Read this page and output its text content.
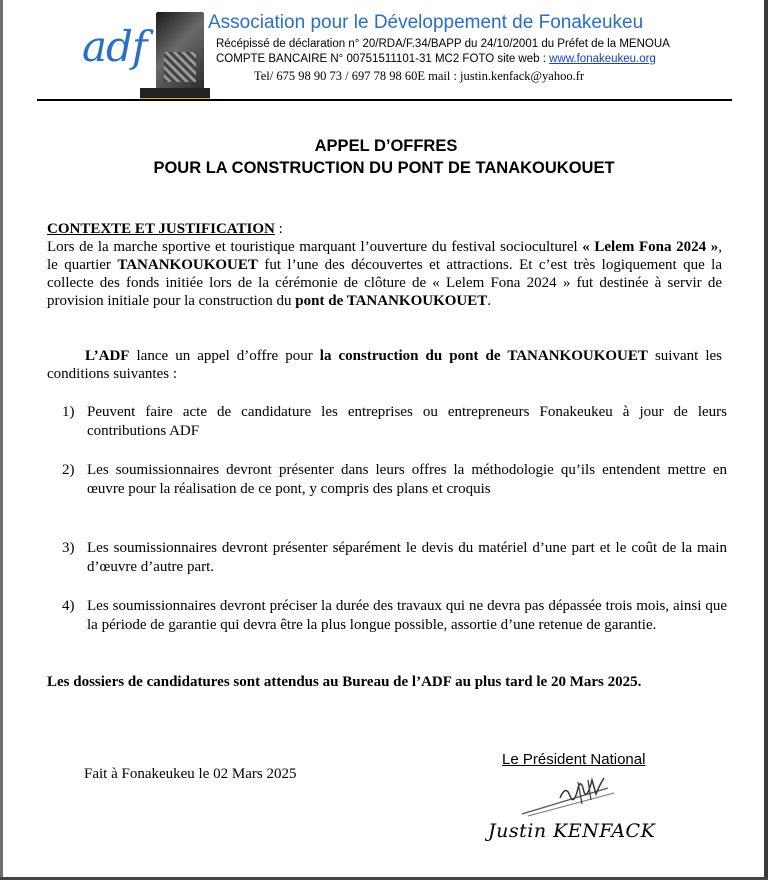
adf	Association pour le Développement de Fonakeukeu
Récépissé de déclaration n° 20/RDA/F.34/BAPP du 24/10/2001 du Préfet de la MENOUA
COMPTE BANCAIRE N° 00751511101-31 MC2 FOTO site web : www.fonakeukeu.org
Tel/ 675 98 90 73 / 697 78 98 60E mail : justin.kenfack@yahoo.fr
APPEL D’OFFRES
POUR LA CONSTRUCTION DU PONT DE TANAKOUKOUET
CONTEXTE ET JUSTIFICATION :
Lors de la marche sportive et touristique marquant l’ouverture du festival socioculturel « Lelem Fona 2024 », le quartier TANANKOUKOUET fut l’une des découvertes et attractions. Et c’est très logiquement que la collecte des fonds initiée lors de la cérémonie de clôture de « Lelem Fona 2024 » fut destinée à servir de provision initiale pour la construction du pont de TANANKOUKOUET.
L’ADF lance un appel d’offre pour la construction du pont de TANANKOUKOUET suivant les conditions suivantes :
1) Peuvent faire acte de candidature les entreprises ou entrepreneurs Fonakeukeu à jour de leurs contributions ADF
2) Les soumissionnaires devront présenter dans leurs offres la méthodologie qu’ils entendent mettre en œuvre pour la réalisation de ce pont, y compris des plans et croquis
3) Les soumissionnaires devront présenter séparément le devis du matériel d’une part et le coût de la main d’œuvre d’autre part.
4) Les soumissionnaires devront préciser la durée des travaux qui ne devra pas dépassée trois mois, ainsi que la période de garantie qui devra être la plus longue possible, assortie d’une retenue de garantie.
Les dossiers de candidatures sont attendus au Bureau de l’ADF au plus tard le 20 Mars 2025.
Fait à Fonakeukeu le 02 Mars 2025
Le Président National
Justin KENFACK
